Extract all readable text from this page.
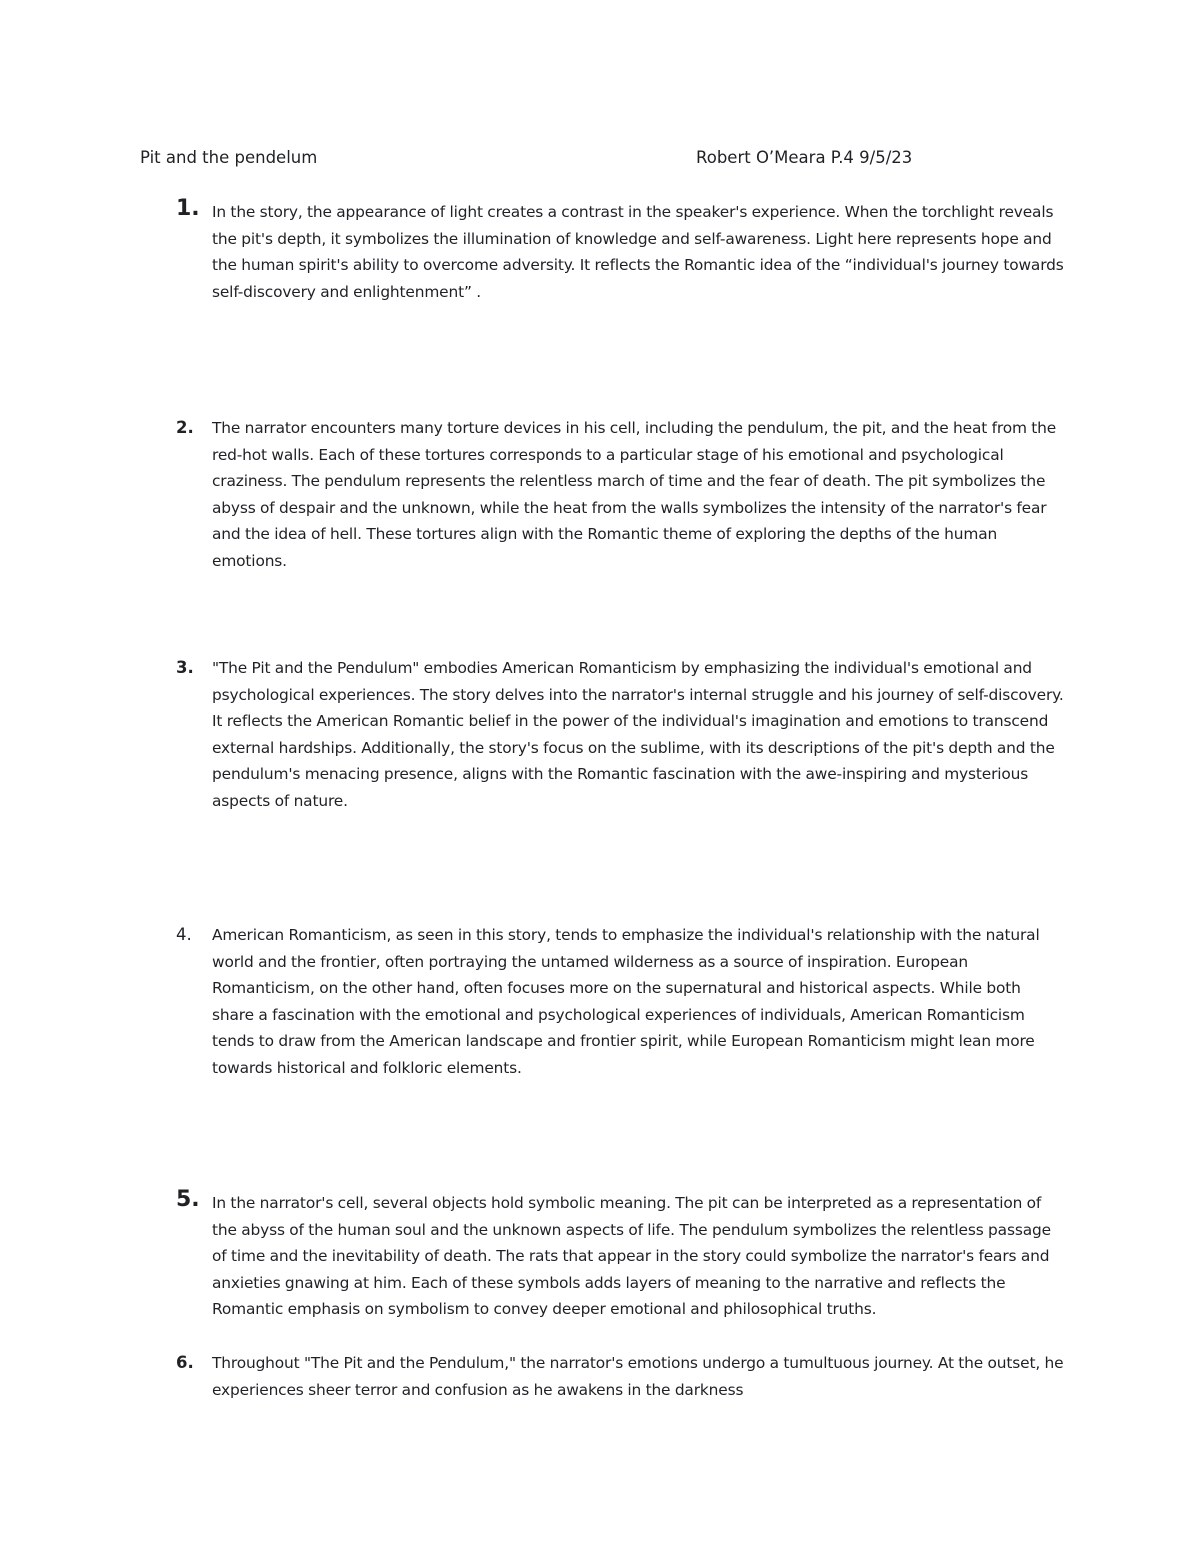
Pit and the pendelum	Robert O’Meara P.4 9/5/23
1. In the story, the appearance of light creates a contrast in the speaker's experience. When the torchlight reveals the pit's depth, it symbolizes the illumination of knowledge and self-awareness. Light here represents hope and the human spirit's ability to overcome adversity. It reflects the Romantic idea of the “individual's journey towards self-discovery and enlightenment” .
2. The narrator encounters many torture devices in his cell, including the pendulum, the pit, and the heat from the red-hot walls. Each of these tortures corresponds to a particular stage of his emotional and psychological craziness. The pendulum represents the relentless march of time and the fear of death. The pit symbolizes the abyss of despair and the unknown, while the heat from the walls symbolizes the intensity of the narrator's fear and the idea of hell. These tortures align with the Romantic theme of exploring the depths of the human emotions.
3. "The Pit and the Pendulum" embodies American Romanticism by emphasizing the individual's emotional and psychological experiences. The story delves into the narrator's internal struggle and his journey of self-discovery. It reflects the American Romantic belief in the power of the individual's imagination and emotions to transcend external hardships. Additionally, the story's focus on the sublime, with its descriptions of the pit's depth and the pendulum's menacing presence, aligns with the Romantic fascination with the awe-inspiring and mysterious aspects of nature.
4. American Romanticism, as seen in this story, tends to emphasize the individual's relationship with the natural world and the frontier, often portraying the untamed wilderness as a source of inspiration. European Romanticism, on the other hand, often focuses more on the supernatural and historical aspects. While both share a fascination with the emotional and psychological experiences of individuals, American Romanticism tends to draw from the American landscape and frontier spirit, while European Romanticism might lean more towards historical and folkloric elements.
5. In the narrator's cell, several objects hold symbolic meaning. The pit can be interpreted as a representation of the abyss of the human soul and the unknown aspects of life. The pendulum symbolizes the relentless passage of time and the inevitability of death. The rats that appear in the story could symbolize the narrator's fears and anxieties gnawing at him. Each of these symbols adds layers of meaning to the narrative and reflects the Romantic emphasis on symbolism to convey deeper emotional and philosophical truths.
6. Throughout "The Pit and the Pendulum," the narrator's emotions undergo a tumultuous journey. At the outset, he experiences sheer terror and confusion as he awakens in the darkness
